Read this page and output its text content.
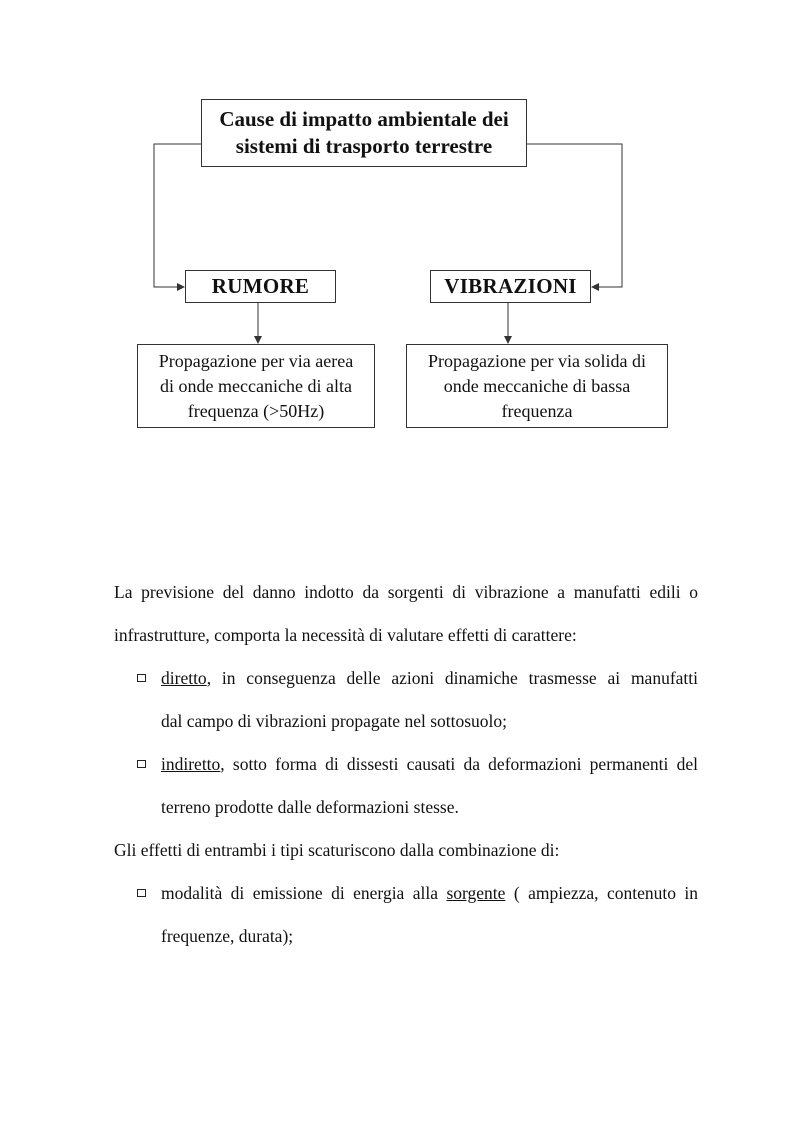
Cause di impatto ambientale dei
sistemi di trasporto terrestre
RUMORE	VIBRAZIONI
Propagazione per via aerea
di onde meccaniche di alta
frequenza (>50Hz)
Propagazione per via solida di
onde meccaniche di bassa
frequenza
La previsione del danno indotto da sorgenti di vibrazione a manufatti edili o
infrastrutture, comporta la necessità di valutare effetti di carattere:
diretto, in conseguenza delle azioni dinamiche trasmesse ai manufatti
dal campo di vibrazioni propagate nel sottosuolo;
indiretto, sotto forma di dissesti causati da deformazioni permanenti del
terreno prodotte dalle deformazioni stesse.
Gli effetti di entrambi i tipi scaturiscono dalla combinazione di:
modalità di emissione di energia alla sorgente ( ampiezza, contenuto in
frequenze, durata);
